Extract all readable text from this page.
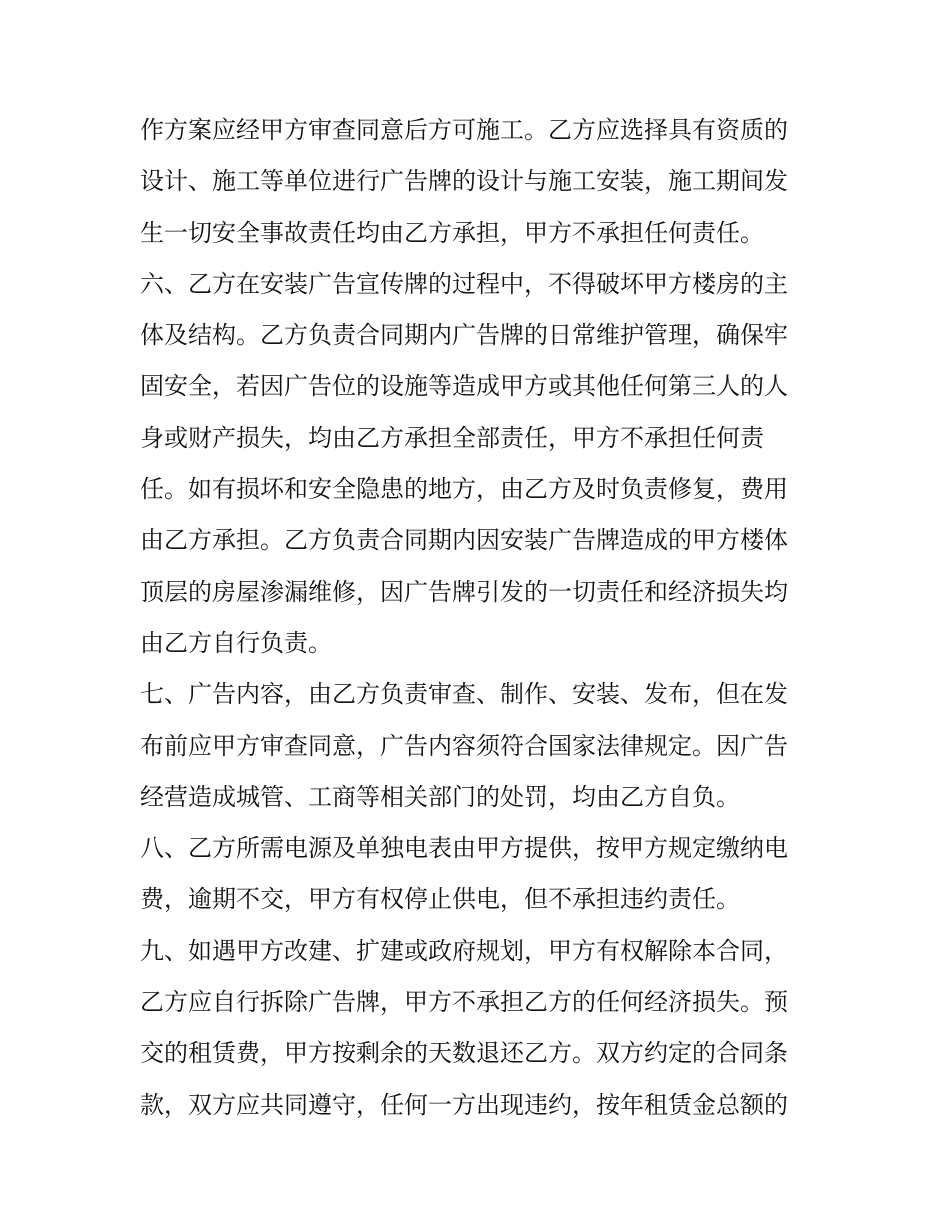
作方案应经甲方审查同意后方可施工。乙方应选择具有资质的
设计、施工等单位进行广告牌的设计与施工安装，施工期间发
生一切安全事故责任均由乙方承担，甲方不承担任何责任。
六、乙方在安装广告宣传牌的过程中，不得破坏甲方楼房的主
体及结构。乙方负责合同期内广告牌的日常维护管理，确保牢
固安全，若因广告位的设施等造成甲方或其他任何第三人的人
身或财产损失，均由乙方承担全部责任，甲方不承担任何责
任。如有损坏和安全隐患的地方，由乙方及时负责修复，费用
由乙方承担。乙方负责合同期内因安装广告牌造成的甲方楼体
顶层的房屋渗漏维修，因广告牌引发的一切责任和经济损失均
由乙方自行负责。
七、广告内容，由乙方负责审查、制作、安装、发布，但在发
布前应甲方审查同意，广告内容须符合国家法律规定。因广告
经营造成城管、工商等相关部门的处罚，均由乙方自负。
八、乙方所需电源及单独电表由甲方提供，按甲方规定缴纳电
费，逾期不交，甲方有权停止供电，但不承担违约责任。
九、如遇甲方改建、扩建或政府规划，甲方有权解除本合同，
乙方应自行拆除广告牌，甲方不承担乙方的任何经济损失。预
交的租赁费，甲方按剩余的天数退还乙方。双方约定的合同条
款，双方应共同遵守，任何一方出现违约，按年租赁金总额的
